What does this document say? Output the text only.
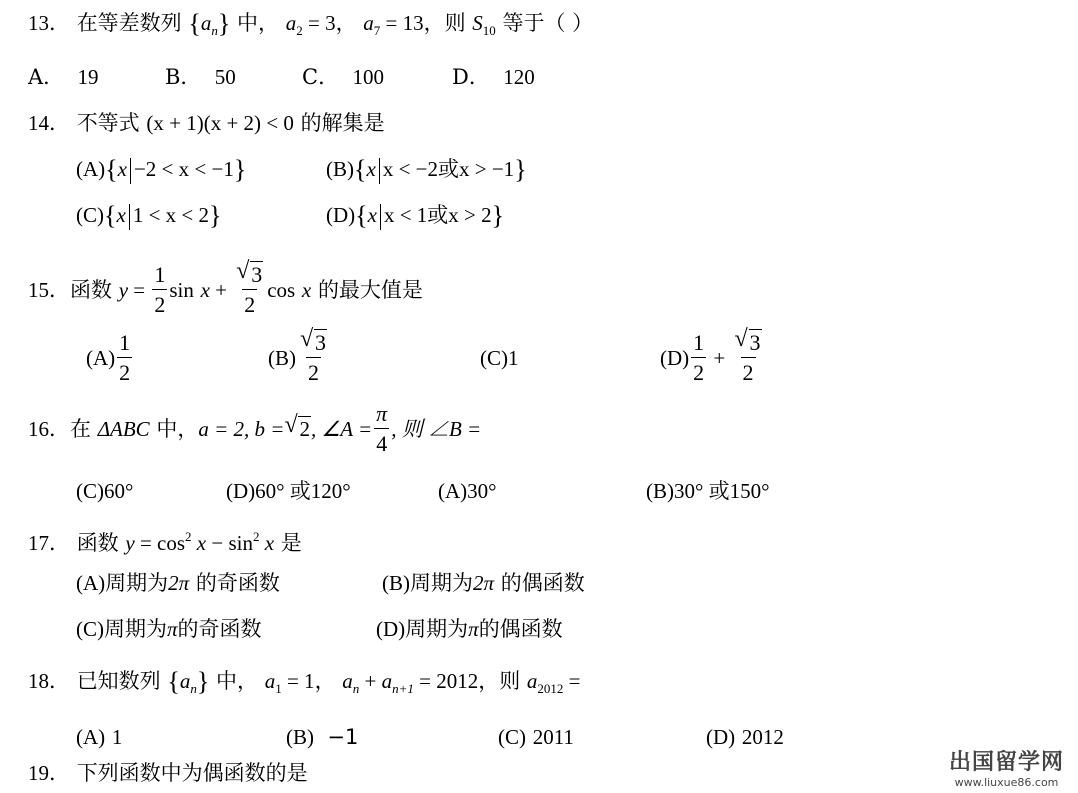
13． 在等差数列 $\{a_n\}$ 中， $a_2 = 3$， $a_7 = 13$，则 $S_{10}$ 等于（ ）
A． 19	B． 50	C． 100	D． 120
14． 不等式 (x + 1)(x + 2) < 0 的解集是
(A){x −2 < x < −1}	(B){x x < −2或x > −1}
(C){x 1 < x < 2}	(D){x x < 1或x > 2}
15． 函数
$y = \frac{1}{2}$ sin
$x + \frac{√ 3}{2}$ cos
x
的最大值是
$(A) \frac{1}{2}$	$(B) \frac{√ 3}{2}$	(C)1	$(D) \frac{1}{2} + \frac{√ 3}{2}$
16． 在
ΔABC
中， a = 2, b = √ 2 , ∠A = $\frac{\pi}{4}$ , 则 ∠B =
(C)60°	(D)60° 或120°	(A)30°	(B)30° 或150°
17． 函数 $y = \cos^2 x - \sin^2 x$ 是
(A)周期为2π 的奇函数	(B)周期为2π 的偶函数
(C)周期为π的奇函数	(D)周期为π的偶函数
18． 已知数列 $\{a_n\}$ 中， $a_1 = 1$， $a_n + a_{n+1} = 2012$，则 $a_{2012}$ =
(A) 1	(B) −1	(C) 2011	(D) 2012
19． 下列函数中为偶函数的是	出国留学网
www.liuxue86.com
